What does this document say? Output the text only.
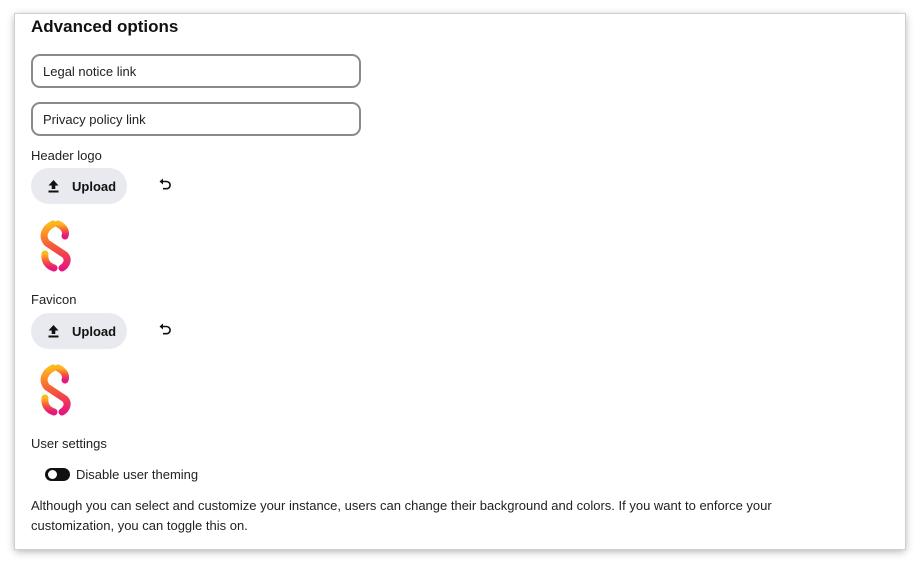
Advanced options
Legal notice link
Privacy policy link
Header logo
Upload
Favicon
Upload
User settings
Disable user theming
Although you can select and customize your instance, users can change their background and colors. If you want to enforce your customization, you can toggle this on.
